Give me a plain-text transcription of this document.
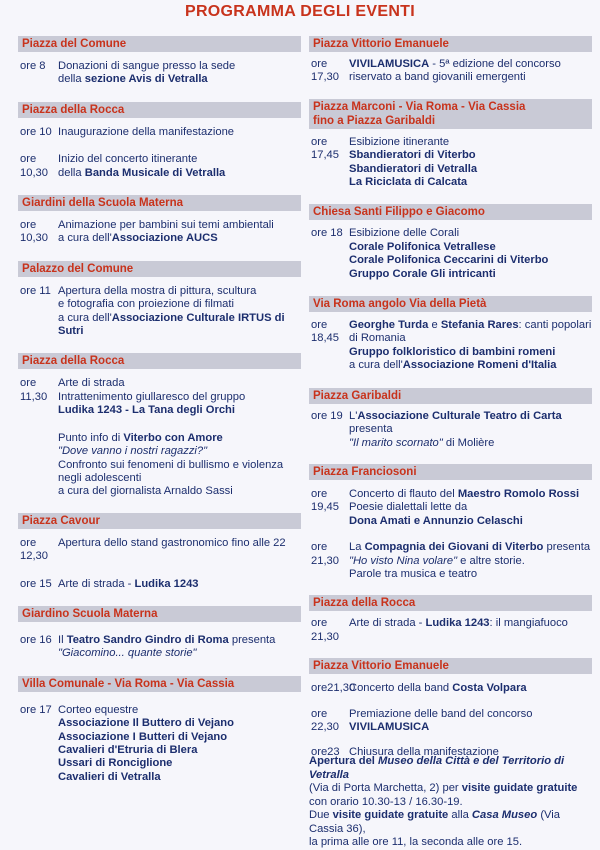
PROGRAMMA DEGLI EVENTI
Piazza del Comune
ore 8	Donazioni di sangue presso la sede
della sezione Avis di Vetralla
Piazza della Rocca
ore 10 Inaugurazione della manifestazione
ore 10,30
Inizio del concerto itinerante
della Banda Musicale di Vetralla
Giardini della Scuola Materna
ore 10,30
Animazione per bambini sui temi ambientali
a cura dell'Associazione AUCS
Palazzo del Comune
ore 11 Apertura della mostra di pittura, scultura
e fotografia con proiezione di filmati
a cura dell'Associazione Culturale IRTUS di Sutri
Piazza della Rocca
ore 11,30
Arte di strada
Intrattenimento giullaresco del gruppo
Ludika 1243 - La Tana degli Orchi
Punto info di Viterbo con Amore
"Dove vanno i nostri ragazzi?"
Confronto sui fenomeni di bullismo e violenza
negli adolescenti
a cura del giornalista Arnaldo Sassi
Piazza Cavour
ore 12,30
Apertura dello stand gastronomico fino alle 22
ore 15 Arte di strada - Ludika 1243
Giardino Scuola Materna
ore 16 Il Teatro Sandro Gindro di Roma presenta
"Giacomino... quante storie"
Villa Comunale - Via Roma - Via Cassia
ore 17 Corteo equestre
Associazione Il Buttero di Vejano
Associazione I Butteri di Vejano
Cavalieri d'Etruria di Blera
Ussari di Ronciglione
Cavalieri di Vetralla
Piazza Vittorio Emanuele
ore 17,30
VIVILAMUSICA - 5ª edizione del concorso
riservato a band giovanili emergenti
Piazza Marconi - Via Roma - Via Cassia
fino a Piazza Garibaldi
ore 17,45
Esibizione itinerante
Sbandieratori di Viterbo
Sbandieratori di Vetralla
La Riciclata di Calcata
Chiesa Santi Filippo e Giacomo
ore 18 Esibizione delle Corali
Corale Polifonica Vetrallese
Corale Polifonica Ceccarini di Viterbo
Gruppo Corale Gli intricanti
Via Roma angolo Via della Pietà
ore 18,45
Georghe Turda e Stefania Rares: canti popolari
di Romania
Gruppo folkloristico di bambini romeni
a cura dell'Associazione Romeni d'Italia
Piazza Garibaldi
ore 19 L'Associazione Culturale Teatro di Carta presenta
"Il marito scornato" di Molière
Piazza Franciosoni
ore 19,45
Concerto di flauto del Maestro Romolo Rossi
Poesie dialettali lette da
Dona Amati e Annunzio Celaschi
ore 21,30
La Compagnia dei Giovani di Viterbo presenta
"Ho visto Nina volare" e altre storie.
Parole tra musica e teatro
Piazza della Rocca
ore 21,30
Arte di strada - Ludika 1243: il mangiafuoco
Piazza Vittorio Emanuele
ore21,30
Concerto della band Costa Volpara
ore 22,30
Premiazione delle band del concorso
VIVILAMUSICA
ore23 Chiusura della manifestazione
Apertura del Museo della Città e del Territorio di Vetralla
(Via di Porta Marchetta, 2) per visite guidate gratuite
con orario 10.30-13 / 16.30-19.
Due visite guidate gratuite alla Casa Museo (Via Cassia 36),
la prima alle ore 11, la seconda alle ore 15.
